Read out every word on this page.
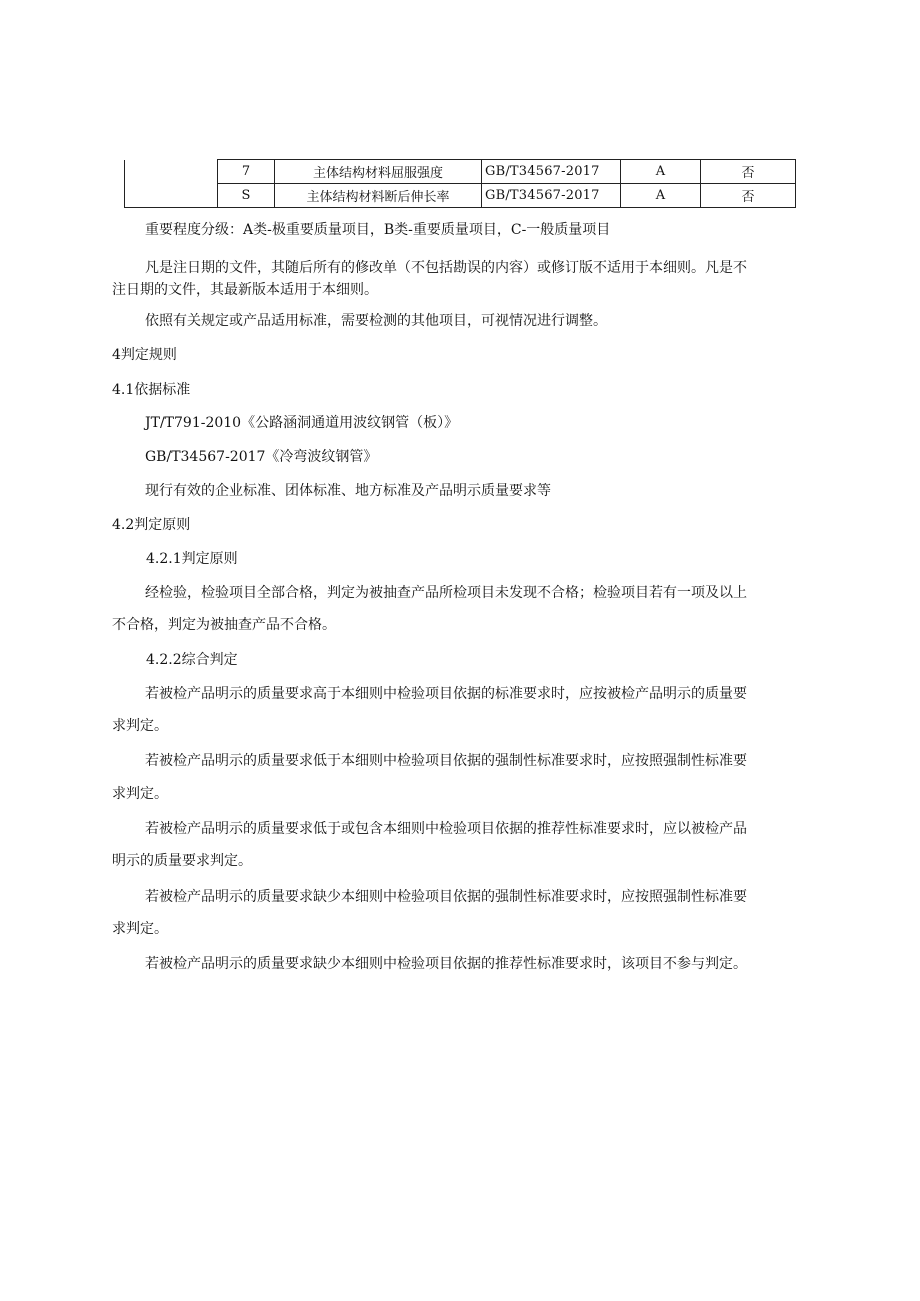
	7	主体结构材料屈服强度	GB/T34567-2017	A	否
	S	主体结构材料断后伸长率	GB/T34567-2017	A	否
重要程度分级：A类-极重要质量项目，B类-重要质量项目，C-一般质量项目
凡是注日期的文件，其随后所有的修改单（不包括勘误的内容）或修订版不适用于本细则。凡是不
注日期的文件，其最新版本适用于本细则。
依照有关规定或产品适用标准，需要检测的其他项目，可视情况进行调整。
4判定规则
4.1依据标准
JT/T791-2010《公路涵洞通道用波纹钢管（板）》
GB/T34567-2017《冷弯波纹钢管》
现行有效的企业标准、团体标准、地方标准及产品明示质量要求等
4.2判定原则
4.2.1判定原则
经检验，检验项目全部合格，判定为被抽查产品所检项目未发现不合格；检验项目若有一项及以上
不合格，判定为被抽查产品不合格。
4.2.2综合判定
若被检产品明示的质量要求高于本细则中检验项目依据的标准要求时，应按被检产品明示的质量要
求判定。
若被检产品明示的质量要求低于本细则中检验项目依据的强制性标准要求时，应按照强制性标准要
求判定。
若被检产品明示的质量要求低于或包含本细则中检验项目依据的推荐性标准要求时，应以被检产品
明示的质量要求判定。
若被检产品明示的质量要求缺少本细则中检验项目依据的强制性标准要求时，应按照强制性标准要
求判定。
若被检产品明示的质量要求缺少本细则中检验项目依据的推荐性标准要求时，该项目不参与判定。
